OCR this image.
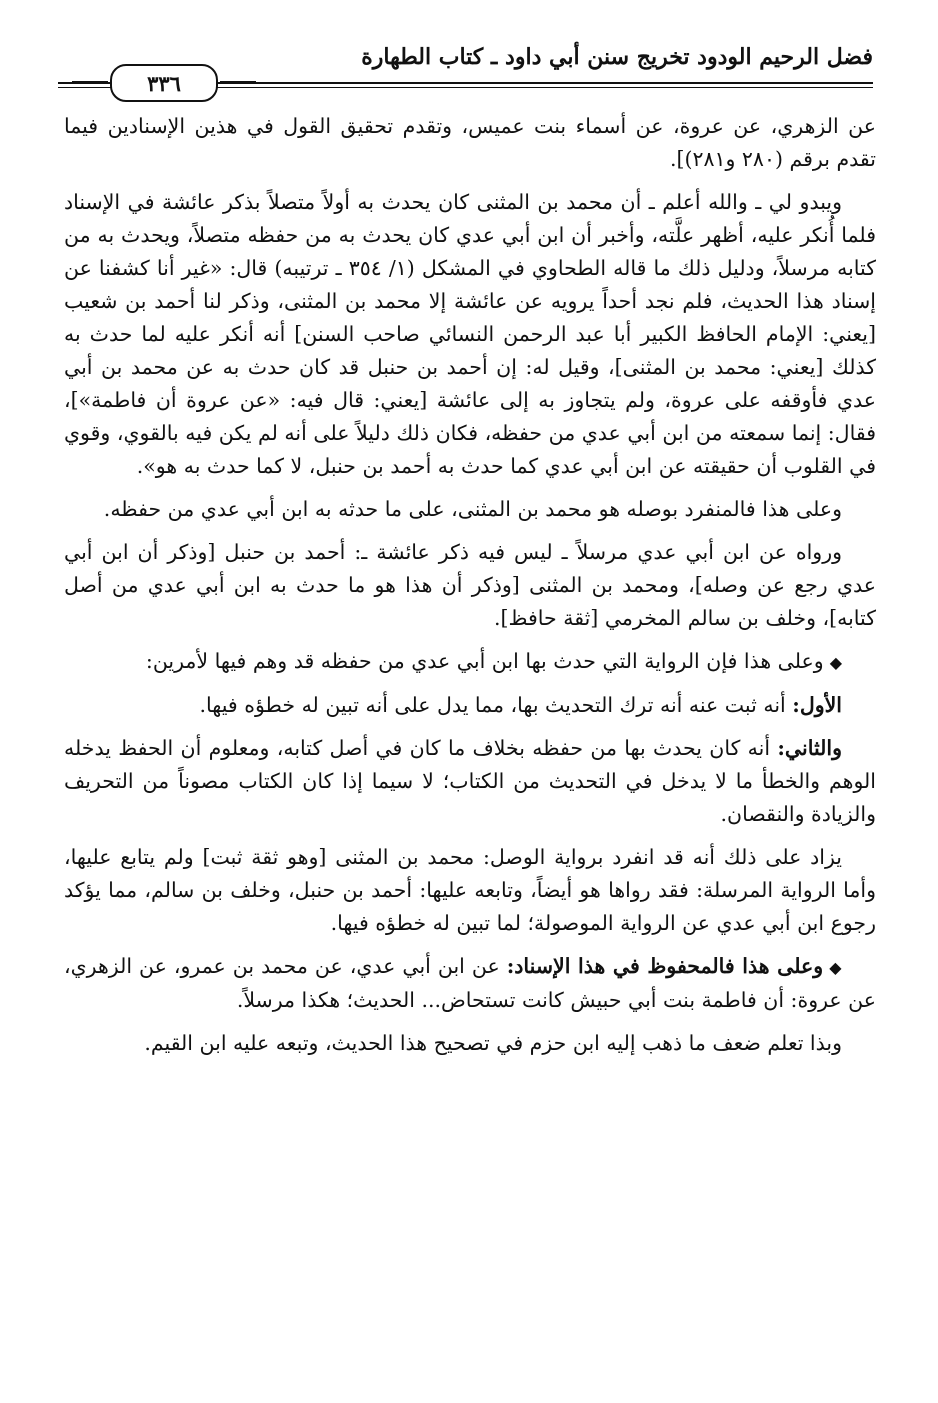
فضل الرحيم الودود تخريج سنن أبي داود ـ كتاب الطهارة
٣٣٦

عن الزهري، عن عروة، عن أسماء بنت عميس، وتقدم تحقيق القول في هذين الإسنادين فيما تقدم برقم (٢٨٠ و٢٨١)].

ويبدو لي ـ والله أعلم ـ أن محمد بن المثنى كان يحدث به أولاً متصلاً بذكر عائشة في الإسناد فلما أُنكر عليه، أظهر علَّته، وأخبر أن ابن أبي عدي كان يحدث به من حفظه متصلاً، ويحدث به من كتابه مرسلاً، ودليل ذلك ما قاله الطحاوي في المشكل (١/ ٣٥٤ ـ ترتيبه) قال: «غير أنا كشفنا عن إسناد هذا الحديث، فلم نجد أحداً يرويه عن عائشة إلا محمد بن المثنى، وذكر لنا أحمد بن شعيب [يعني: الإمام الحافظ الكبير أبا عبد الرحمن النسائي صاحب السنن] أنه أنكر عليه لما حدث به كذلك [يعني: محمد بن المثنى]، وقيل له: إن أحمد بن حنبل قد كان حدث به عن محمد بن أبي عدي فأوقفه على عروة، ولم يتجاوز به إلى عائشة [يعني: قال فيه: «عن عروة أن فاطمة»]، فقال: إنما سمعته من ابن أبي عدي من حفظه، فكان ذلك دليلاً على أنه لم يكن فيه بالقوي، وقوي في القلوب أن حقيقته عن ابن أبي عدي كما حدث به أحمد بن حنبل، لا كما حدث به هو».

وعلى هذا فالمنفرد بوصله هو محمد بن المثنى، على ما حدثه به ابن أبي عدي من حفظه.

ورواه عن ابن أبي عدي مرسلاً ـ ليس فيه ذكر عائشة ـ: أحمد بن حنبل [وذكر أن ابن أبي عدي رجع عن وصله]، ومحمد بن المثنى [وذكر أن هذا هو ما حدث به ابن أبي عدي من أصل كتابه]، وخلف بن سالم المخرمي [ثقة حافظ].

◆وعلى هذا فإن الرواية التي حدث بها ابن أبي عدي من حفظه قد وهم فيها لأمرين:

الأول: أنه ثبت عنه أنه ترك التحديث بها، مما يدل على أنه تبين له خطؤه فيها.

والثاني: أنه كان يحدث بها من حفظه بخلاف ما كان في أصل كتابه، ومعلوم أن الحفظ يدخله الوهم والخطأ ما لا يدخل في التحديث من الكتاب؛ لا سيما إذا كان الكتاب مصوناً من التحريف والزيادة والنقصان.

يزاد على ذلك أنه قد انفرد برواية الوصل: محمد بن المثنى [وهو ثقة ثبت] ولم يتابع عليها، وأما الرواية المرسلة: فقد رواها هو أيضاً، وتابعه عليها: أحمد بن حنبل، وخلف بن سالم، مما يؤكد رجوع ابن أبي عدي عن الرواية الموصولة؛ لما تبين له خطؤه فيها.

◆وعلى هذا فالمحفوظ في هذا الإسناد: عن ابن أبي عدي، عن محمد بن عمرو، عن الزهري، عن عروة: أن فاطمة بنت أبي حبيش كانت تستحاض... الحديث؛ هكذا مرسلاً.

وبذا تعلم ضعف ما ذهب إليه ابن حزم في تصحيح هذا الحديث، وتبعه عليه ابن القيم.
